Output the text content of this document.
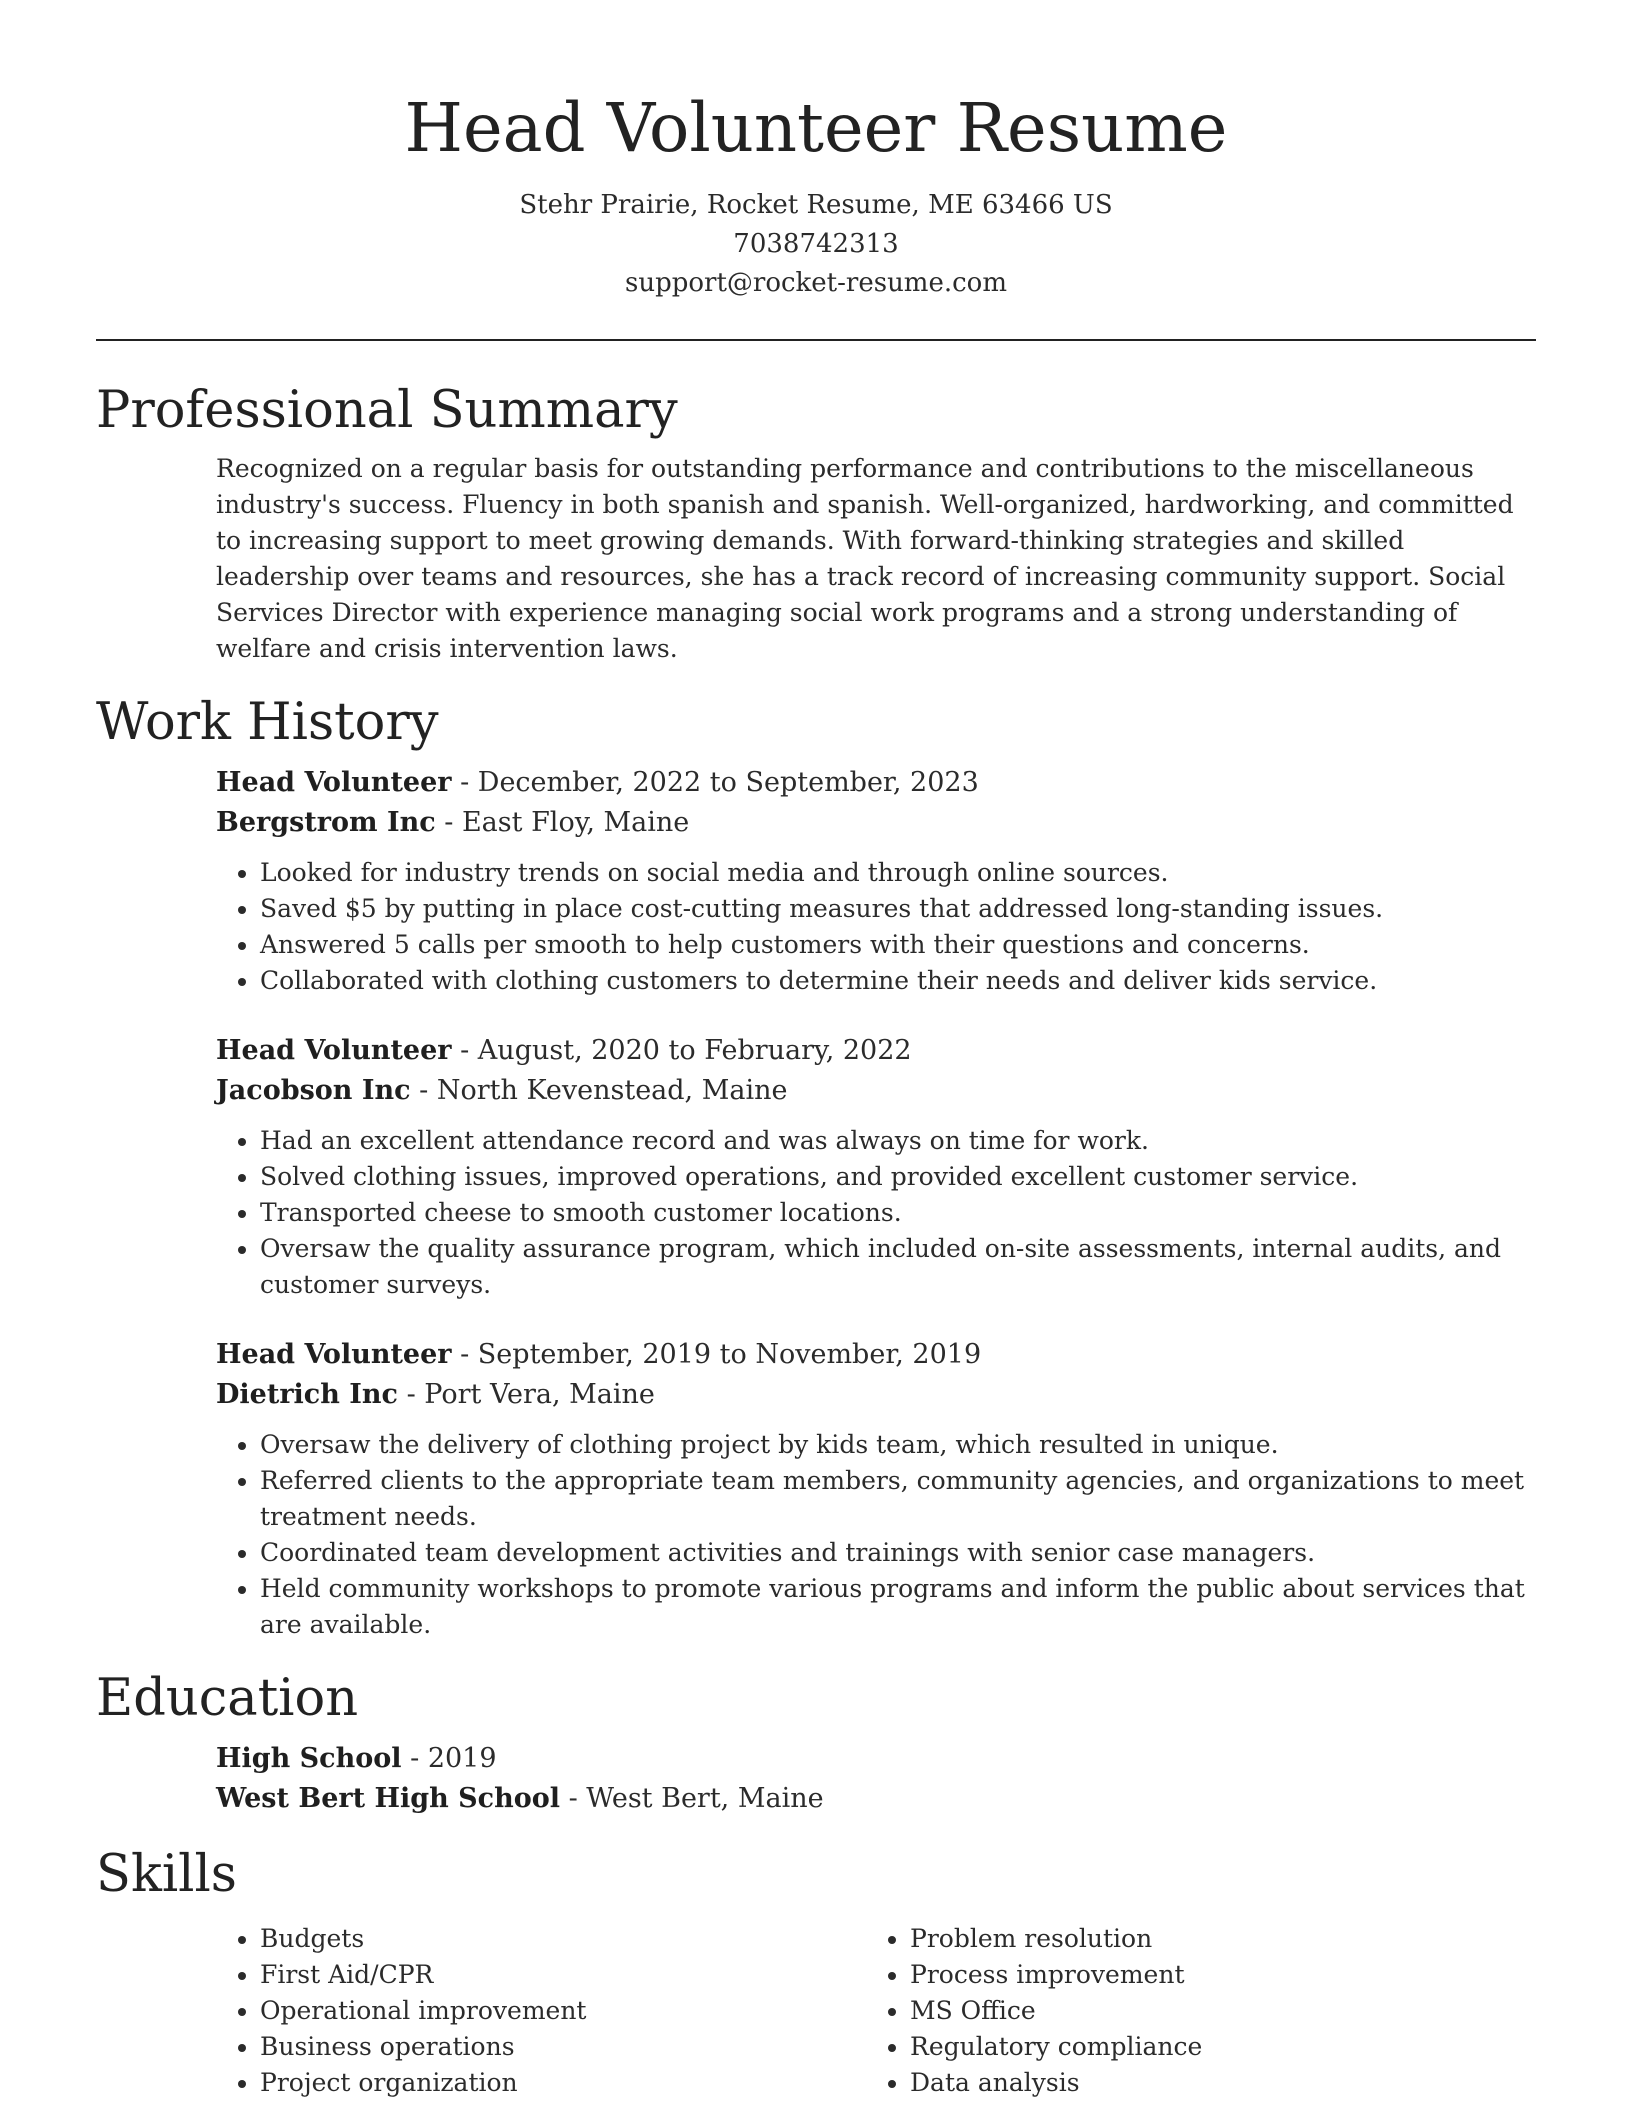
Head Volunteer Resume
Stehr Prairie, Rocket Resume, ME 63466 US
7038742313
support@rocket-resume.com
Professional Summary

Recognized on a regular basis for outstanding performance and contributions to the miscellaneous industry's success. Fluency in both spanish and spanish. Well-organized, hardworking, and committed to increasing support to meet growing demands. With forward-thinking strategies and skilled leadership over teams and resources, she has a track record of increasing community support. Social Services Director with experience managing social work programs and a strong understanding of welfare and crisis intervention laws.

Work History
Head Volunteer - December, 2022 to September, 2023
Bergstrom Inc - East Floy, Maine
• Looked for industry trends on social media and through online sources.
• Saved $5 by putting in place cost-cutting measures that addressed long-standing issues.
• Answered 5 calls per smooth to help customers with their questions and concerns.
• Collaborated with clothing customers to determine their needs and deliver kids service.
Head Volunteer - August, 2020 to February, 2022
Jacobson Inc - North Kevenstead, Maine
• Had an excellent attendance record and was always on time for work.
• Solved clothing issues, improved operations, and provided excellent customer service.
• Transported cheese to smooth customer locations.
• Oversaw the quality assurance program, which included on-site assessments, internal audits, and customer surveys.
Head Volunteer - September, 2019 to November, 2019
Dietrich Inc - Port Vera, Maine
• Oversaw the delivery of clothing project by kids team, which resulted in unique.
• Referred clients to the appropriate team members, community agencies, and organizations to meet treatment needs.
• Coordinated team development activities and trainings with senior case managers.
• Held community workshops to promote various programs and inform the public about services that are available.
Education
High School - 2019
West Bert High School - West Bert, Maine
Skills
• Budgets
• First Aid/CPR
• Operational improvement
• Business operations
• Project organization
• Problem resolution
• Process improvement
• MS Office
• Regulatory compliance
• Data analysis
